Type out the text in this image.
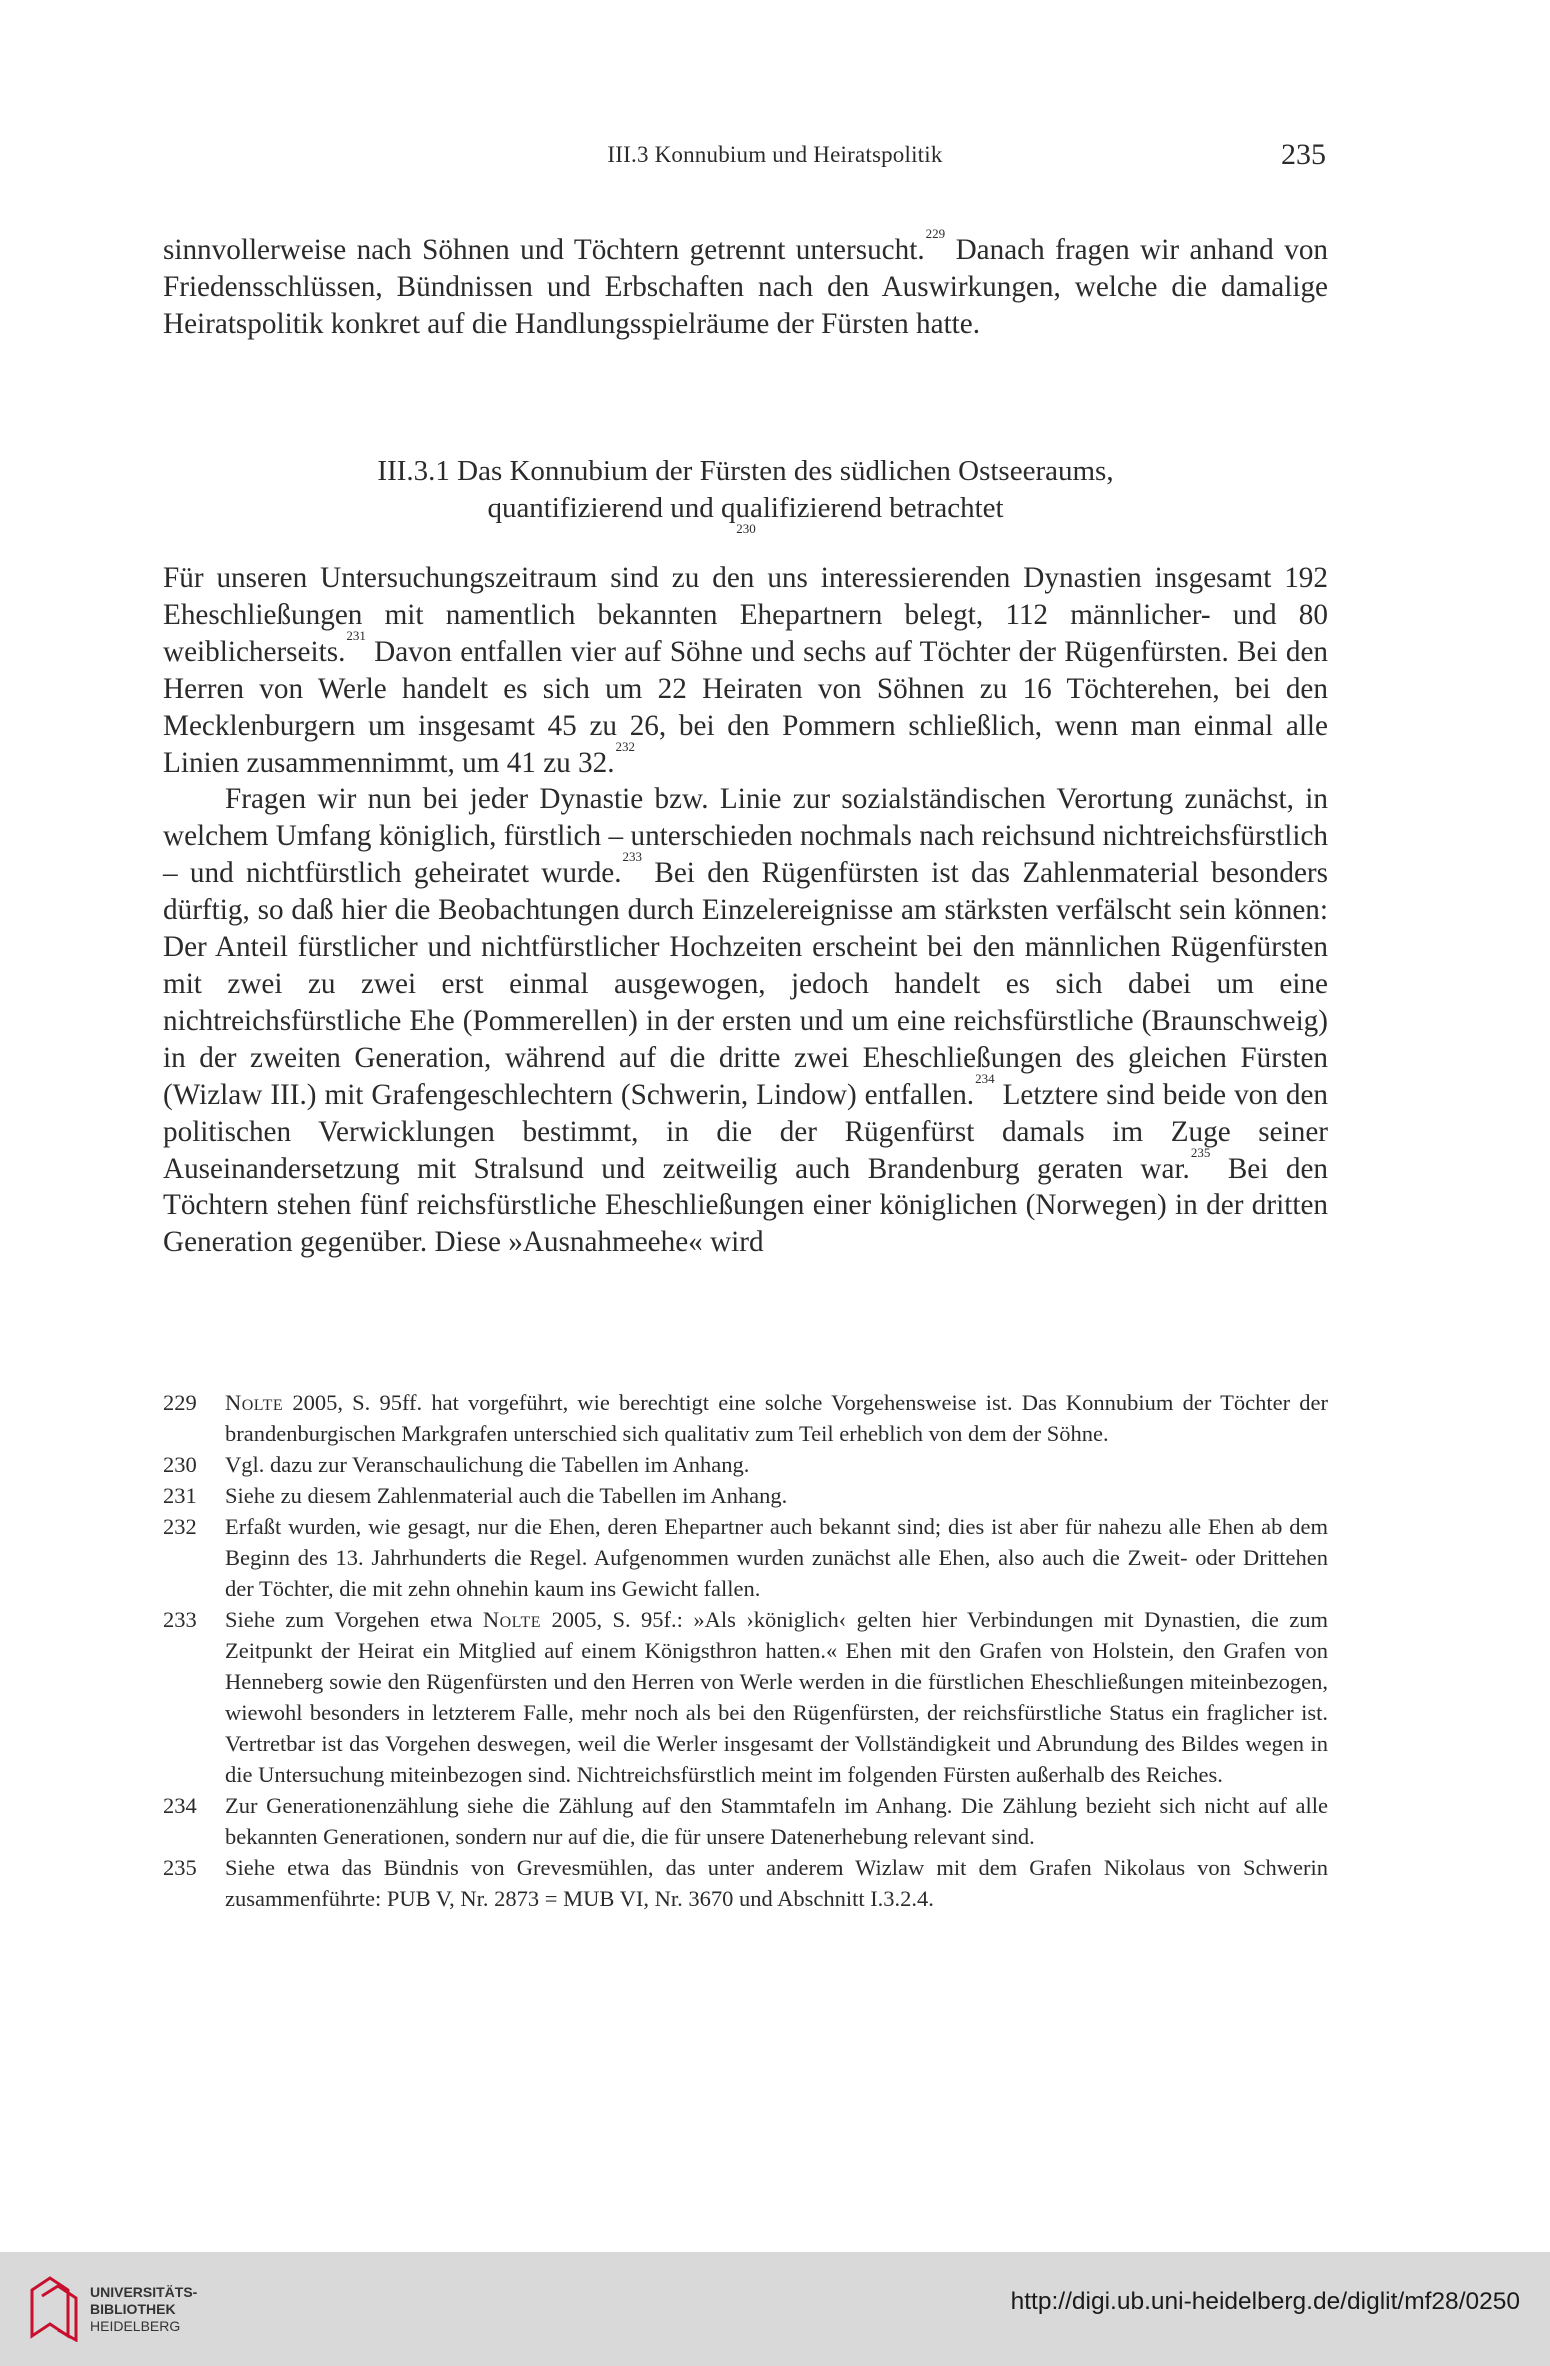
III.3 Konnubium und Heiratspolitik	235

sinnvollerweise nach Söhnen und Töchtern getrennt untersucht.$^{229}$ Danach fragen wir anhand von Friedensschlüssen, Bündnissen und Erbschaften nach den Auswirkungen, welche die damalige Heiratspolitik konkret auf die Handlungsspielräume der Fürsten hatte.

III.3.1 Das Konnubium der Fürsten des südlichen Ostseeraums,
quantifizierend und qualifizierend betrachtet
$^{230}$

Für unseren Untersuchungszeitraum sind zu den uns interessierenden Dynastien insgesamt 192 Eheschließungen mit namentlich bekannten Ehepartnern belegt, 112 männlicher- und 80 weiblicherseits.$^{231}$ Davon entfallen vier auf Söhne und sechs auf Töchter der Rügenfürsten. Bei den Herren von Werle handelt es sich um 22 Heiraten von Söhnen zu 16 Töchterehen, bei den Mecklenburgern um insgesamt 45 zu 26, bei den Pommern schließlich, wenn man einmal alle Linien zusammennimmt, um 41 zu 32.$^{232}$

Fragen wir nun bei jeder Dynastie bzw. Linie zur sozialständischen Verortung zunächst, in welchem Umfang königlich, fürstlich – unterschieden nochmals nach reichsund nichtreichsfürstlich – und nichtfürstlich geheiratet wurde.$^{233}$ Bei den Rügenfürsten ist das Zahlenmaterial besonders dürftig, so daß hier die Beobachtungen durch Einzelereignisse am stärksten verfälscht sein können: Der Anteil fürstlicher und nichtfürstlicher Hochzeiten erscheint bei den männlichen Rügenfürsten mit zwei zu zwei erst einmal ausgewogen, jedoch handelt es sich dabei um eine nichtreichsfürstliche Ehe (Pommerellen) in der ersten und um eine reichsfürstliche (Braunschweig) in der zweiten Generation, während auf die dritte zwei Eheschließungen des gleichen Fürsten (Wizlaw III.) mit Grafengeschlechtern (Schwerin, Lindow) entfallen.$^{234}$ Letztere sind beide von den politischen Verwicklungen bestimmt, in die der Rügenfürst damals im Zuge seiner Auseinandersetzung mit Stralsund und zeitweilig auch Brandenburg geraten war.$^{235}$ Bei den Töchtern stehen fünf reichsfürstliche Eheschließungen einer königlichen (Norwegen) in der dritten Generation gegenüber. Diese »Ausnahmeehe« wird

229 Nolte 2005, S. 95ff. hat vorgeführt, wie berechtigt eine solche Vorgehensweise ist. Das Konnubium der Töchter der brandenburgischen Markgrafen unterschied sich qualitativ zum Teil erheblich von dem der Söhne.
230 Vgl. dazu zur Veranschaulichung die Tabellen im Anhang.
231 Siehe zu diesem Zahlenmaterial auch die Tabellen im Anhang.
232 Erfaßt wurden, wie gesagt, nur die Ehen, deren Ehepartner auch bekannt sind; dies ist aber für nahezu alle Ehen ab dem Beginn des 13. Jahrhunderts die Regel. Aufgenommen wurden zunächst alle Ehen, also auch die Zweit- oder Drittehen der Töchter, die mit zehn ohnehin kaum ins Gewicht fallen.
233 Siehe zum Vorgehen etwa Nolte 2005, S. 95f.: »Als ›königlich‹ gelten hier Verbindungen mit Dynastien, die zum Zeitpunkt der Heirat ein Mitglied auf einem Königsthron hatten.« Ehen mit den Grafen von Holstein, den Grafen von Henneberg sowie den Rügenfürsten und den Herren von Werle werden in die fürstlichen Eheschließungen miteinbezogen, wiewohl besonders in letzterem Falle, mehr noch als bei den Rügenfürsten, der reichsfürstliche Status ein fraglicher ist. Vertretbar ist das Vorgehen deswegen, weil die Werler insgesamt der Vollständigkeit und Abrundung des Bildes wegen in die Untersuchung miteinbezogen sind. Nichtreichsfürstlich meint im folgenden Fürsten außerhalb des Reiches.
234 Zur Generationenzählung siehe die Zählung auf den Stammtafeln im Anhang. Die Zählung bezieht sich nicht auf alle bekannten Generationen, sondern nur auf die, die für unsere Datenerhebung relevant sind.
235 Siehe etwa das Bündnis von Grevesmühlen, das unter anderem Wizlaw mit dem Grafen Nikolaus von Schwerin zusammenführte: PUB V, Nr. 2873 = MUB VI, Nr. 3670 und Abschnitt I.3.2.4.
UNIVERSITÄTS-
BIBLIOTHEK
HEIDELBERG
http://digi.ub.uni-heidelberg.de/diglit/mf28/0250
